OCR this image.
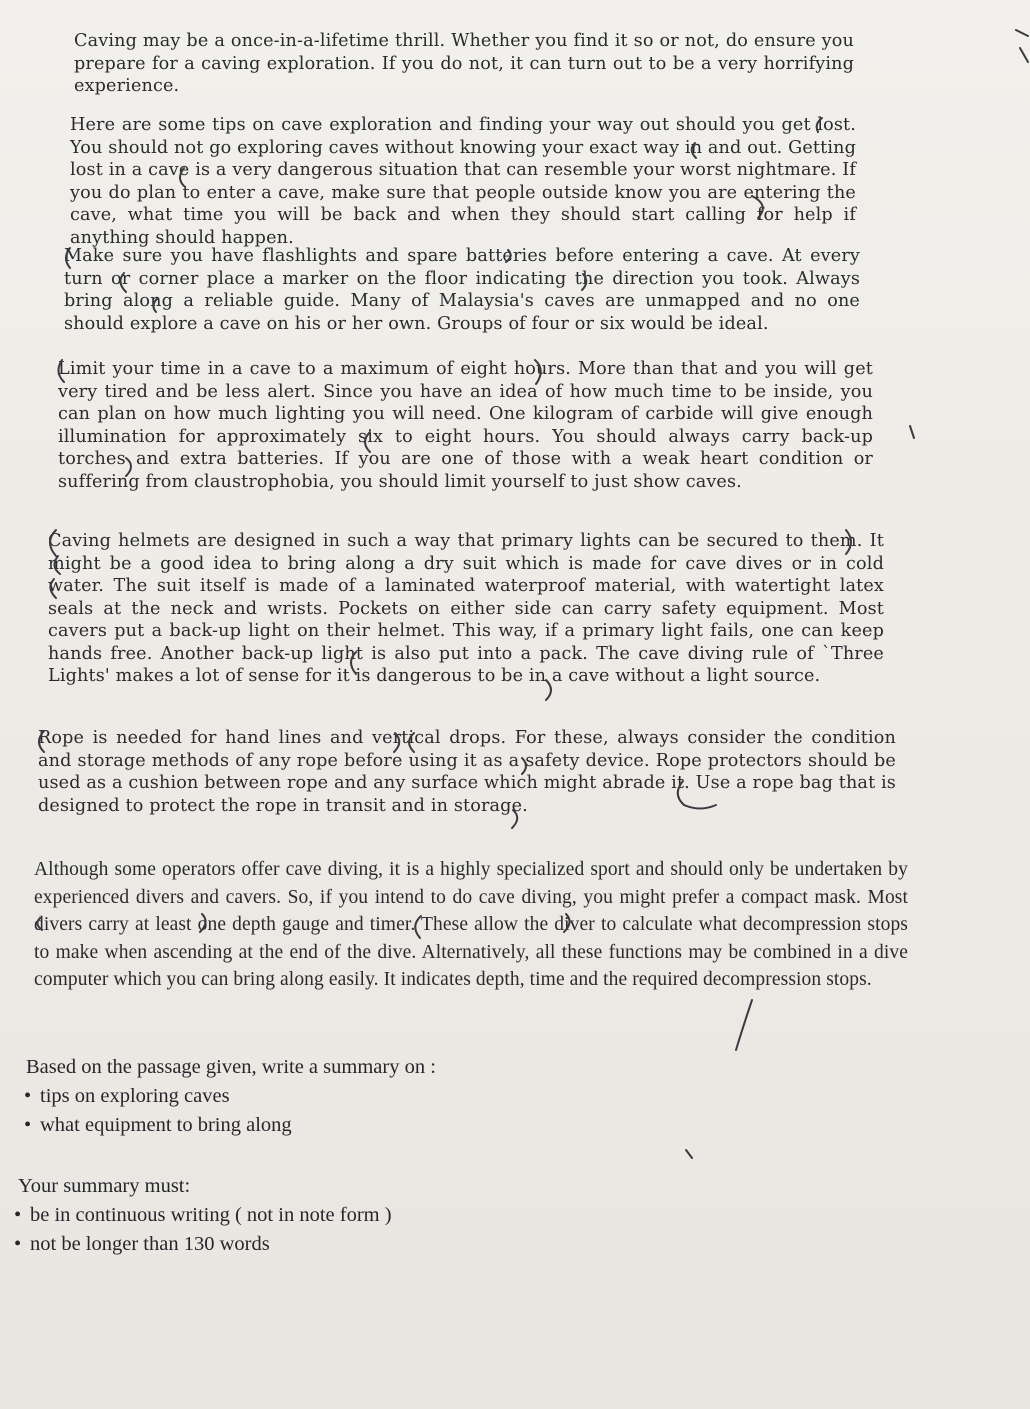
Caving may be a once-in-a-lifetime thrill. Whether you find it so or not, do ensure you prepare for a caving exploration. If you do not, it can turn out to be a very horrifying experience.

Here are some tips on cave exploration and finding your way out should you get lost. You should not go exploring caves without knowing your exact way in and out. Getting lost in a cave is a very dangerous situation that can resemble your worst nightmare. If you do plan to enter a cave, make sure that people outside know you are entering the cave, what time you will be back and when they should start calling for help if anything should happen.

Make sure you have flashlights and spare batteries before entering a cave. At every turn or corner place a marker on the floor indicating the direction you took. Always bring along a reliable guide. Many of Malaysia's caves are unmapped and no one should explore a cave on his or her own. Groups of four or six would be ideal.

Limit your time in a cave to a maximum of eight hours. More than that and you will get very tired and be less alert. Since you have an idea of how much time to be inside, you can plan on how much lighting you will need. One kilogram of carbide will give enough illumination for approximately six to eight hours. You should always carry back-up torches and extra batteries. If you are one of those with a weak heart condition or suffering from claustrophobia, you should limit yourself to just show caves.

Caving helmets are designed in such a way that primary lights can be secured to them. It might be a good idea to bring along a dry suit which is made for cave dives or in cold water. The suit itself is made of a laminated waterproof material, with watertight latex seals at the neck and wrists. Pockets on either side can carry safety equipment. Most cavers put a back-up light on their helmet. This way, if a primary light fails, one can keep hands free. Another back-up light is also put into a pack. The cave diving rule of `Three Lights' makes a lot of sense for it is dangerous to be in a cave without a light source.

Rope is needed for hand lines and vertical drops. For these, always consider the condition and storage methods of any rope before using it as a safety device. Rope protectors should be used as a cushion between rope and any surface which might abrade it. Use a rope bag that is designed to protect the rope in transit and in storage.

Although some operators offer cave diving, it is a highly specialized sport and should only be undertaken by experienced divers and cavers. So, if you intend to do cave diving, you might prefer a compact mask. Most divers carry at least one depth gauge and timer. These allow the diver to calculate what decompression stops to make when ascending at the end of the dive. Alternatively, all these functions may be combined in a dive computer which you can bring along easily. It indicates depth, time and the required decompression stops.

Based on the passage given, write a summary on :

• tips on exploring caves
• what equipment to bring along

Your summary must:

• be in continuous writing ( not in note form )
• not be longer than 130 words
